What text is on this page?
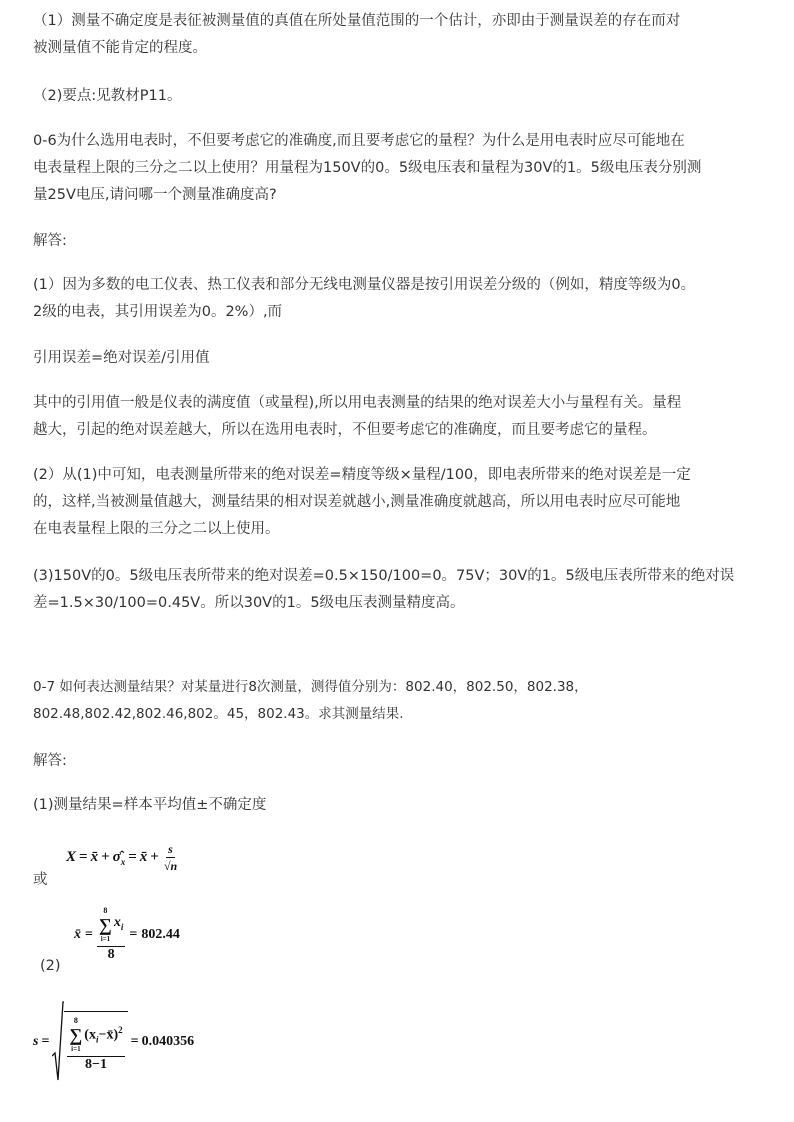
（1）测量不确定度是表征被测量值的真值在所处量值范围的一个估计，亦即由于测量误差的存在而对

被测量值不能肯定的程度。

（2)要点:见教材P11。

0-6为什么选用电表时，不但要考虑它的准确度,而且要考虑它的量程？为什么是用电表时应尽可能地在

电表量程上限的三分之二以上使用？用量程为150V的0。5级电压表和量程为30V的1。5级电压表分别测

量25V电压,请问哪一个测量准确度高?

解答:

(1）因为多数的电工仪表、热工仪表和部分无线电测量仪器是按引用误差分级的（例如，精度等级为0。

2级的电表，其引用误差为0。2%）,而

引用误差=绝对误差/引用值

其中的引用值一般是仪表的满度值（或量程),所以用电表测量的结果的绝对误差大小与量程有关。量程

越大，引起的绝对误差越大，所以在选用电表时，不但要考虑它的准确度，而且要考虑它的量程。

(2）从(1)中可知，电表测量所带来的绝对误差=精度等级×量程/100，即电表所带来的绝对误差是一定

的，这样,当被测量值越大，测量结果的相对误差就越小,测量准确度就越高，所以用电表时应尽可能地

在电表量程上限的三分之二以上使用。

(3)150V的0。5级电压表所带来的绝对误差=0.5×150/100=0。75V；30V的1。5级电压表所带来的绝对误

差=1.5×30/100=0.45V。所以30V的1。5级电压表测量精度高。

0-7 如何表达测量结果？对某量进行8次测量，测得值分别为：802.40，802.50，802.38，

802.48,802.42,802.46,802。45，802.43。求其测量结果.

解答:

(1)测量结果=样本平均值±不确定度

X = x̄ + $\sigmâ_x$ = x̄ + $\frac{s}{√n}$
或
(2)
x̄ = 8
∑
i=1
$x_i$
8 = 802.44
s =
8
∑
i=1
$(x_i-x̄)^2$
8−1
= 0.040356
